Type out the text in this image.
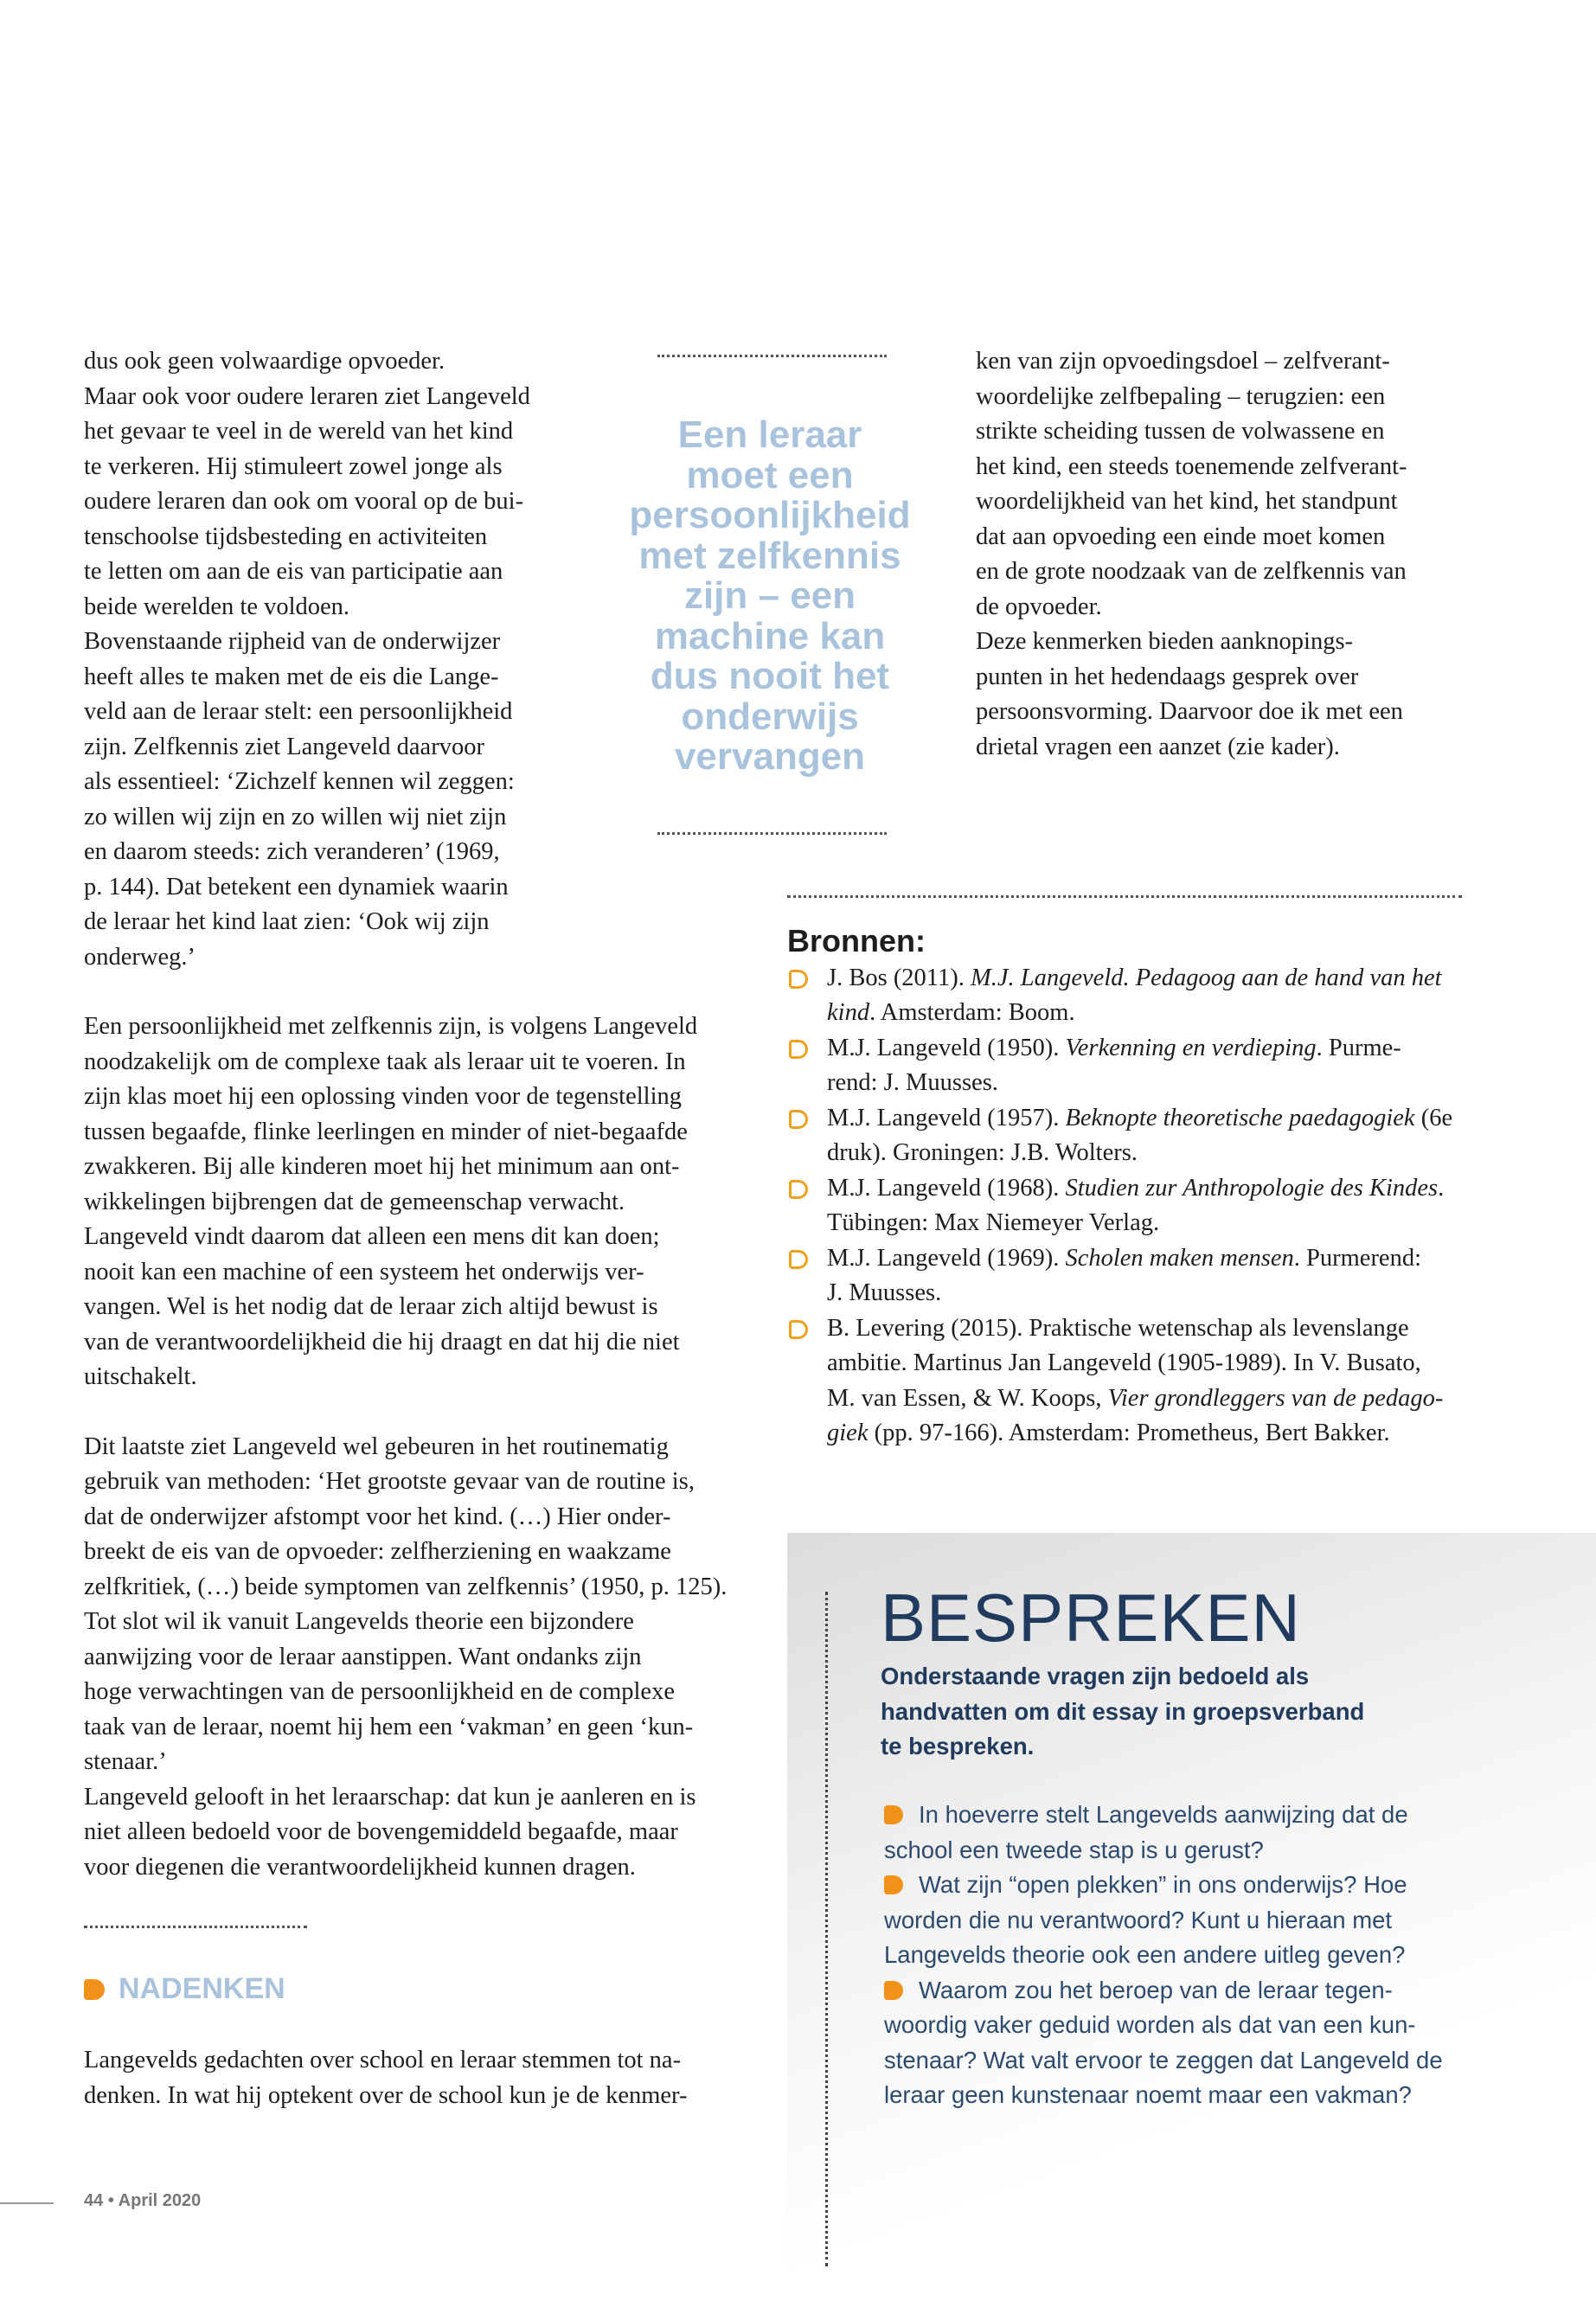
dus ook geen volwaardige opvoeder.
Maar ook voor oudere leraren ziet Langeveld
het gevaar te veel in de wereld van het kind
te verkeren. Hij stimuleert zowel jonge als
oudere leraren dan ook om vooral op de bui-
tenschoolse tijdsbesteding en activiteiten
te letten om aan de eis van participatie aan
beide werelden te voldoen.
Bovenstaande rijpheid van de onderwijzer
heeft alles te maken met de eis die Lange-
veld aan de leraar stelt: een persoonlijkheid
zijn. Zelfkennis ziet Langeveld daarvoor
als essentieel: ‘Zichzelf kennen wil zeggen:
zo willen wij zijn en zo willen wij niet zijn
en daarom steeds: zich veranderen’ (1969,
p. 144). Dat betekent een dynamiek waarin
de leraar het kind laat zien: ‘Ook wij zijn
onderweg.’
Een persoonlijkheid met zelfkennis zijn, is volgens Langeveld
noodzakelijk om de complexe taak als leraar uit te voeren. In
zijn klas moet hij een oplossing vinden voor de tegenstelling
tussen begaafde, flinke leerlingen en minder of niet-begaafde
zwakkeren. Bij alle kinderen moet hij het minimum aan ont-
wikkelingen bijbrengen dat de gemeenschap verwacht.
Langeveld vindt daarom dat alleen een mens dit kan doen;
nooit kan een machine of een systeem het onderwijs ver-
vangen. Wel is het nodig dat de leraar zich altijd bewust is
van de verantwoordelijkheid die hij draagt en dat hij die niet
uitschakelt.
Dit laatste ziet Langeveld wel gebeuren in het routinematig
gebruik van methoden: ‘Het grootste gevaar van de routine is,
dat de onderwijzer afstompt voor het kind. (…) Hier onder-
breekt de eis van de opvoeder: zelfherziening en waakzame
zelfkritiek, (…) beide symptomen van zelfkennis’ (1950, p. 125).
Tot slot wil ik vanuit Langevelds theorie een bijzondere
aanwijzing voor de leraar aanstippen. Want ondanks zijn
hoge verwachtingen van de persoonlijkheid en de complexe
taak van de leraar, noemt hij hem een ‘vakman’ en geen ‘kun-
stenaar.’
Langeveld gelooft in het leraarschap: dat kun je aanleren en is
niet alleen bedoeld voor de bovengemiddeld begaafde, maar
voor diegenen die verantwoordelijkheid kunnen dragen.
NADENKEN
Langevelds gedachten over school en leraar stemmen tot na-
denken. In wat hij optekent over de school kun je de kenmer-
Een leraar
moet een
persoonlijkheid
met zelfkennis
zijn – een
machine kan
dus nooit het
onderwijs
vervangen
ken van zijn opvoedingsdoel – zelfverant-
woordelijke zelfbepaling – terugzien: een
strikte scheiding tussen de volwassene en
het kind, een steeds toenemende zelfverant-
woordelijkheid van het kind, het standpunt
dat aan opvoeding een einde moet komen
en de grote noodzaak van de zelfkennis van
de opvoeder.
Deze kenmerken bieden aanknopings-
punten in het hedendaags gesprek over
persoonsvorming. Daarvoor doe ik met een
drietal vragen een aanzet (zie kader).
Bronnen:
J. Bos (2011). M.J. Langeveld. Pedagoog aan de hand van het
kind. Amsterdam: Boom.
M.J. Langeveld (1950). Verkenning en verdieping. Purme-
rend: J. Muusses.
M.J. Langeveld (1957). Beknopte theoretische paedagogiek (6e
druk). Groningen: J.B. Wolters.
M.J. Langeveld (1968). Studien zur Anthropologie des Kindes.
Tübingen: Max Niemeyer Verlag.
M.J. Langeveld (1969). Scholen maken mensen. Purmerend:
J. Muusses.
B. Levering (2015). Praktische wetenschap als levenslange
ambitie. Martinus Jan Langeveld (1905-1989). In V. Busato,
M. van Essen, & W. Koops, Vier grondleggers van de pedago-
giek (pp. 97-166). Amsterdam: Prometheus, Bert Bakker.
BESPREKEN
Onderstaande vragen zijn bedoeld als
handvatten om dit essay in groepsverband
te bespreken.
In hoeverre stelt Langevelds aanwijzing dat de
school een tweede stap is u gerust?
Wat zijn “open plekken” in ons onderwijs? Hoe
worden die nu verantwoord? Kunt u hieraan met
Langevelds theorie ook een andere uitleg geven?
Waarom zou het beroep van de leraar tegen-
woordig vaker geduid worden als dat van een kun-
stenaar? Wat valt ervoor te zeggen dat Langeveld de
leraar geen kunstenaar noemt maar een vakman?
44 • April 2020
